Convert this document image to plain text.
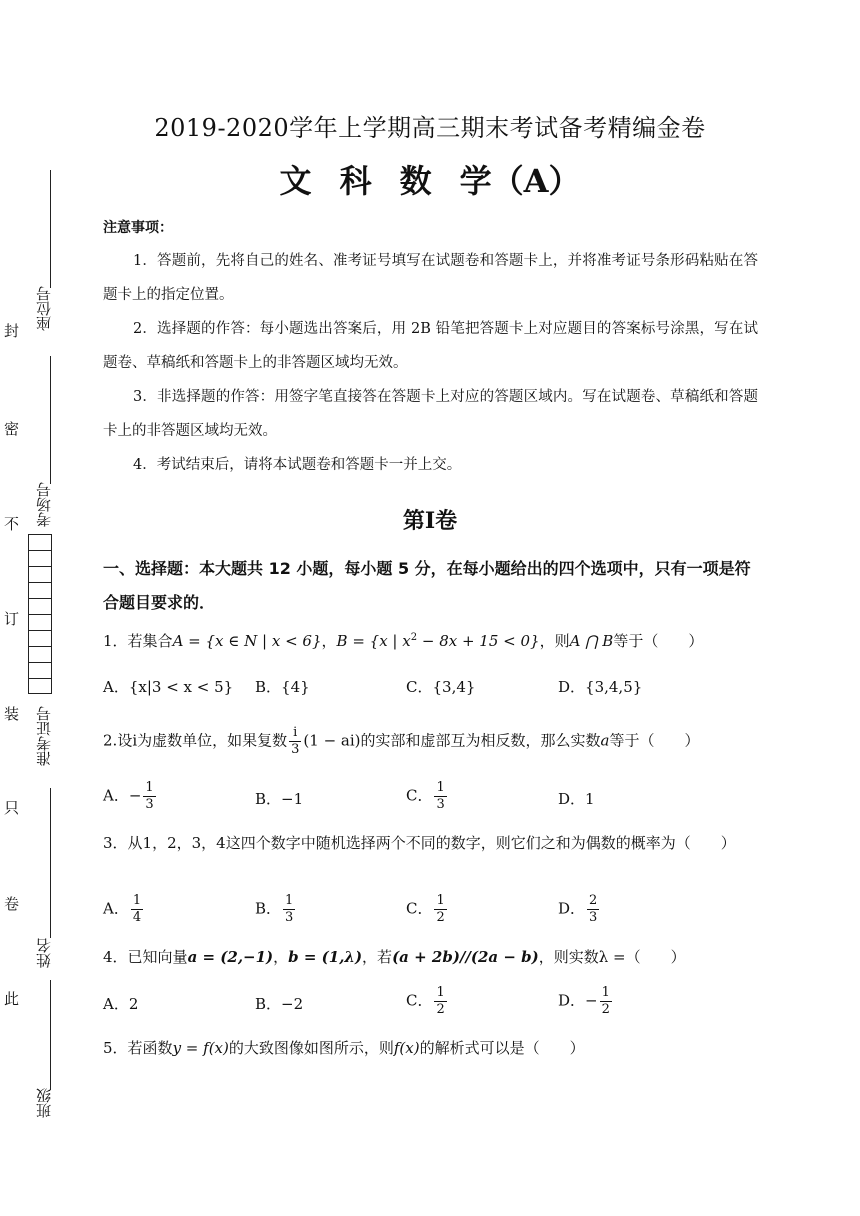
座位号
考场号
准考证号
姓名
班级
封
密
不
订
装
只
卷
此
2019-2020学年上学期高三期末考试备考精编金卷
文科数学（A）
注意事项：
1．答题前，先将自己的姓名、准考证号填写在试题卷和答题卡上，并将准考证号条形码粘贴在答题卡上的指定位置。
2．选择题的作答：每小题选出答案后，用 2B 铅笔把答题卡上对应题目的答案标号涂黑，写在试题卷、草稿纸和答题卡上的非答题区域均无效。
3．非选择题的作答：用签字笔直接答在答题卡上对应的答题区域内。写在试题卷、草稿纸和答题卡上的非答题区域均无效。
4．考试结束后，请将本试题卷和答题卡一并上交。
第Ⅰ卷
一、选择题：本大题共 12 小题，每小题 5 分，在每小题给出的四个选项中，只有一项是符合题目要求的．
1．若集合A = {x ∈ N | x < 6}，B = {x | $x^2 - 8x + 15 < 0$}，则A ⋂ B等于（　　）
A．{x|3 < x < 5} B．{4}	C．{3,4}	D．{3,4,5}
2.设i为虚数单位，如果复数 $\frac{i}{3} (1 - ai)$的实部和虚部互为相反数，那么实数a等于（　　）
A．− $\frac{1}{3}$	B．−1	C． $\frac{1}{3}$	D．1
3．从1，2，3，4这四个数字中随机选择两个不同的数字，则它们之和为偶数的概率为（　　）
A． $\frac{1}{4}$	B． $\frac{1}{3}$	C． $\frac{1}{2}$	D． $\frac{2}{3}$
4．已知向量a = (2,−1)，b = (1,λ)，若(a + 2b)//(2a − b)，则实数λ =（　　）
A．2	B．−2	C． $\frac{1}{2}$	D．− $\frac{1}{2}$
5．若函数y = f(x)的大致图像如图所示，则f(x)的解析式可以是（　　）
